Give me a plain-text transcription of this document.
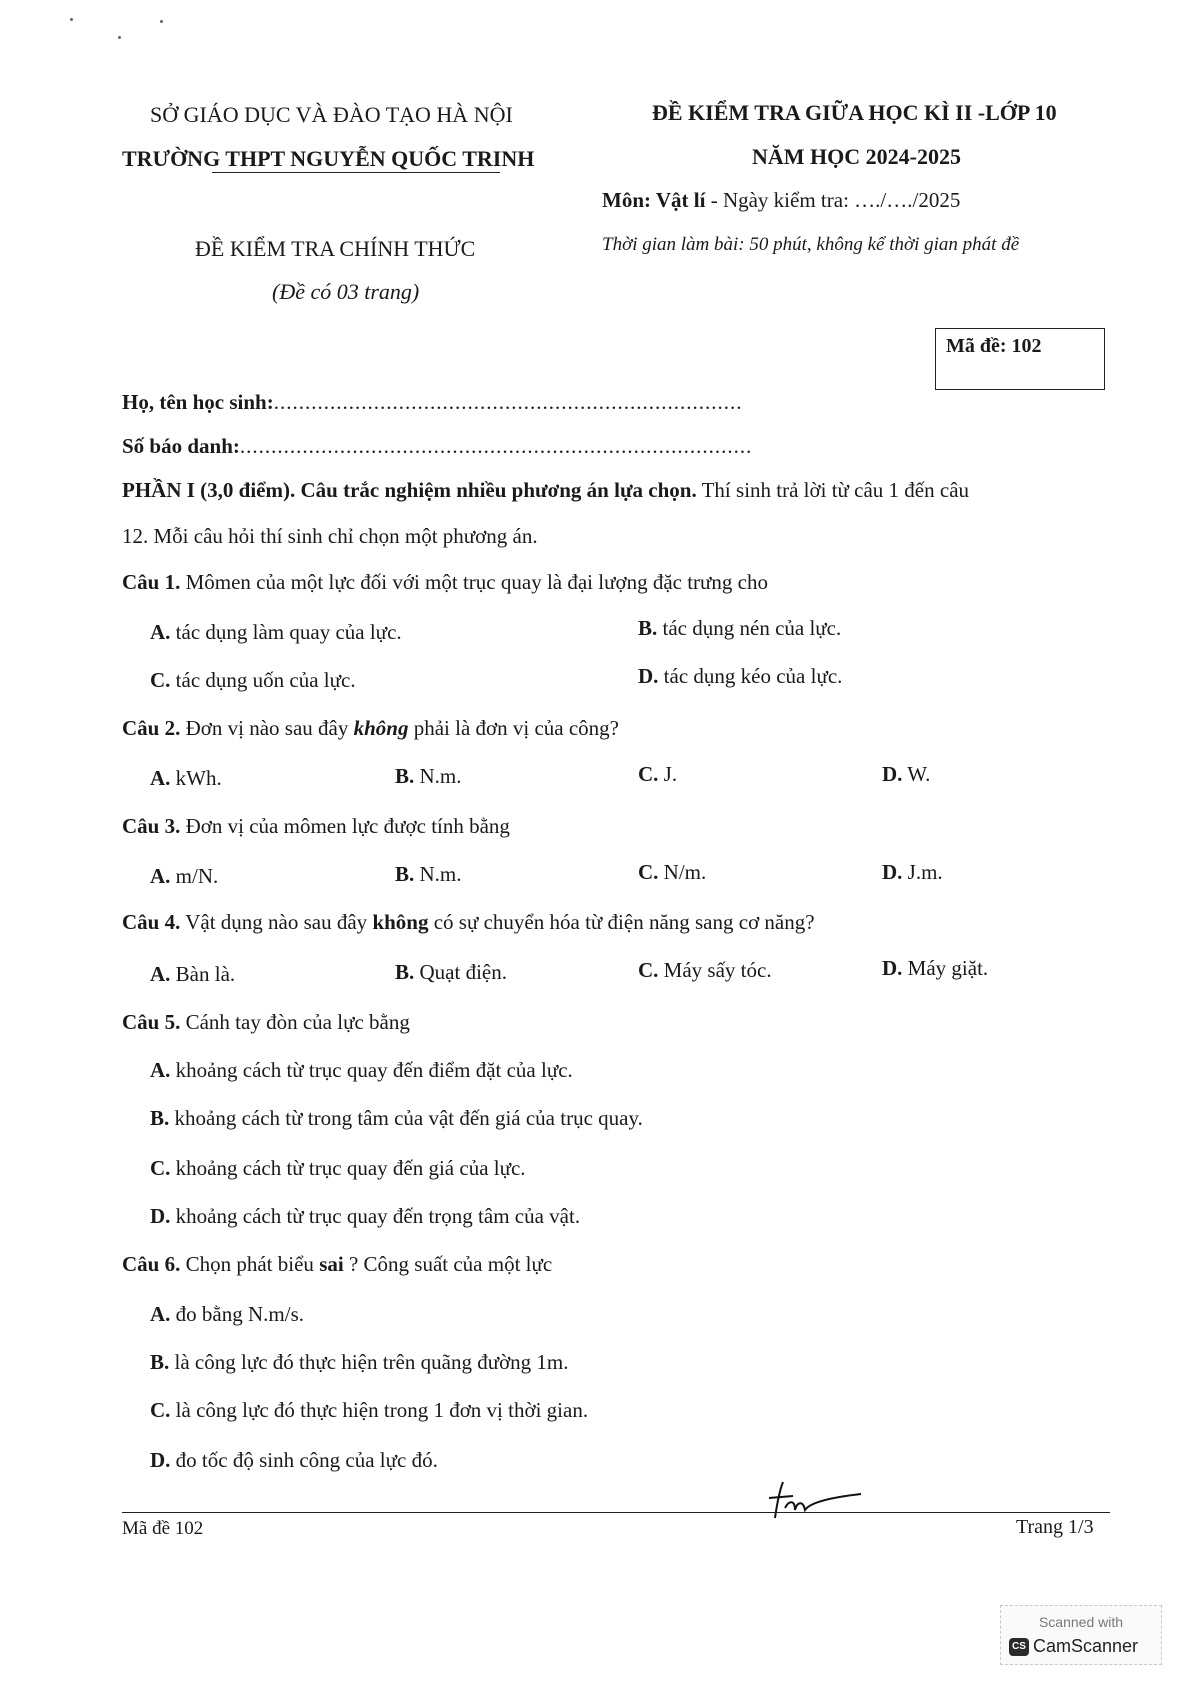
SỞ GIÁO DỤC VÀ ĐÀO TẠO HÀ NỘI
TRƯỜNG THPT NGUYỄN QUỐC TRINH
ĐỀ KIỂM TRA CHÍNH THỨC
(Đề có 03 trang)
ĐỀ KIỂM TRA GIỮA HỌC KÌ II -LỚP 10
NĂM HỌC 2024-2025
Môn: Vật lí - Ngày kiểm tra: …./…./2025
Thời gian làm bài: 50 phút, không kể thời gian phát đề
Mã đề: 102
Họ, tên học sinh:...........................................................................
Số báo danh:..................................................................................
PHẦN I (3,0 điểm). Câu trắc nghiệm nhiều phương án lựa chọn. Thí sinh trả lời từ câu 1 đến câu
12. Mỗi câu hỏi thí sinh chỉ chọn một phương án.
Câu 1. Mômen của một lực đối với một trục quay là đại lượng đặc trưng cho
A. tác dụng làm quay của lực.	B. tác dụng nén của lực.
C. tác dụng uốn của lực.	D. tác dụng kéo của lực.
Câu 2. Đơn vị nào sau đây không phải là đơn vị của công?
A. kWh.	B. N.m.	C. J.	D. W.
Câu 3. Đơn vị của mômen lực được tính bằng
A. m/N.	B. N.m.	C. N/m.	D. J.m.
Câu 4. Vật dụng nào sau đây không có sự chuyển hóa từ điện năng sang cơ năng?
A. Bàn là.	B. Quạt điện.	C. Máy sấy tóc.	D. Máy giặt.
Câu 5. Cánh tay đòn của lực bằng
A. khoảng cách từ trục quay đến điểm đặt của lực.
B. khoảng cách từ trong tâm của vật đến giá của trục quay.
C. khoảng cách từ trục quay đến giá của lực.
D. khoảng cách từ trục quay đến trọng tâm của vật.
Câu 6. Chọn phát biểu sai ? Công suất của một lực
A. đo bằng N.m/s.
B. là công lực đó thực hiện trên quãng đường 1m.
C. là công lực đó thực hiện trong 1 đơn vị thời gian.
D. đo tốc độ sinh công của lực đó.
Mã đề 102	Trang 1/3
Scanned with
CS CamScanner
